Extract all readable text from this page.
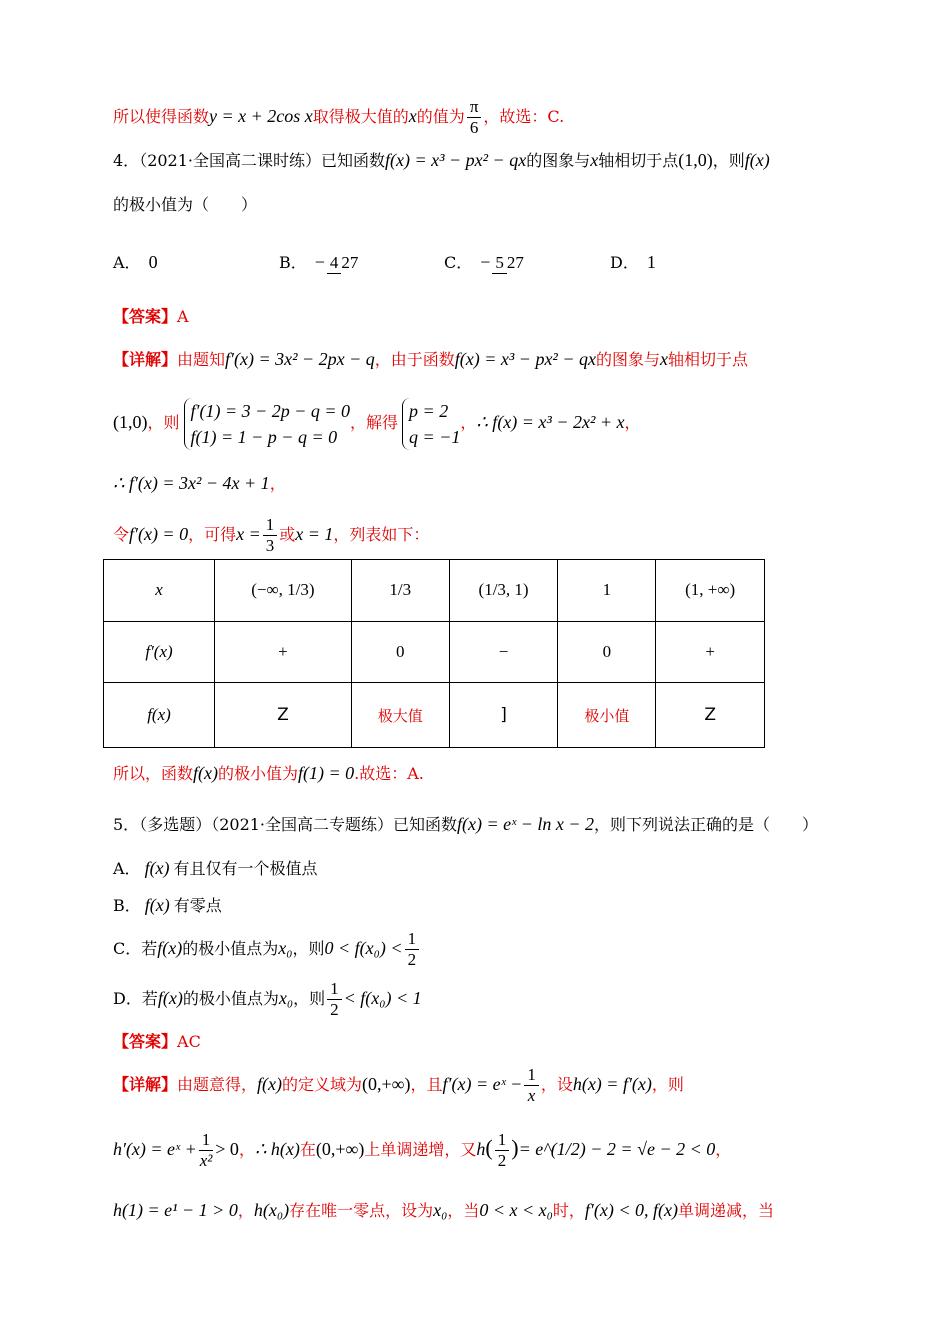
所以使得函数y = x + 2cos x取得极大值的x的值为 $\frac{\pi}{6}$ ，故选：C.
4．（2021·全国高二课时练）已知函数f(x) = x³ − px² − qx的图象与x轴相切于点(1,0)，则f(x)
的极小值为（　　）
A． 0	B． − 4 27	C． − 5 27	D． 1
【答案】A
【详解】由题知f′(x) = 3x² − 2px − q，由于函数f(x) = x³ − px² − qx的图象与x轴相切于点
(1,0)，则
f′(1) = 3 − 2p − q = 0
f(1) = 1 − p − q = 0
，解得
p = 2
q = −1
，∴ f(x) = x³ − 2x² + x，
∴ f′(x) = 3x² − 4x + 1，
令f′(x) = 0，可得$x = \frac{1}{3}$ 或x = 1，列表如下：
x	(−∞, 1/3)	1/3	(1/3, 1)	1	(1, +∞)
f′(x)	+	0	−	0	+
f(x)	Z	极大值	]	极小值	Z
所以，函数f(x)的极小值为f(1) = 0.故选：A.
5．（多选题）（2021·全国高二专题练）已知函数f(x) = eˣ − ln x − 2，则下列说法正确的是（　　）
A． f(x) 有且仅有一个极值点
B． f(x) 有零点
C．若f(x)的极小值点为x₀，则$0 < f(x_0) < \frac{1}{2}$
D．若f(x)的极小值点为x₀，则 $\frac{1}{2} < f(x_0) < 1$
【答案】AC
【详解】由题意得，f(x)的定义域为(0,+∞)，且f′(x) = eˣ − $\frac{1}{x}$ ，设h(x) = f′(x)，则
h′(x) = eˣ + $\frac{1}{\text{x²}} > 0$，∴ h(x)在(0,+∞)上单调递增，又$h( \frac{1}{2}$ )= e^(1/2) − 2 = √e − 2 < 0，
h(1) = e¹ − 1 > 0，h(x₀)存在唯一零点，设为x₀，当0 < x < x₀时，f′(x) < 0, f(x)单调递减，当
